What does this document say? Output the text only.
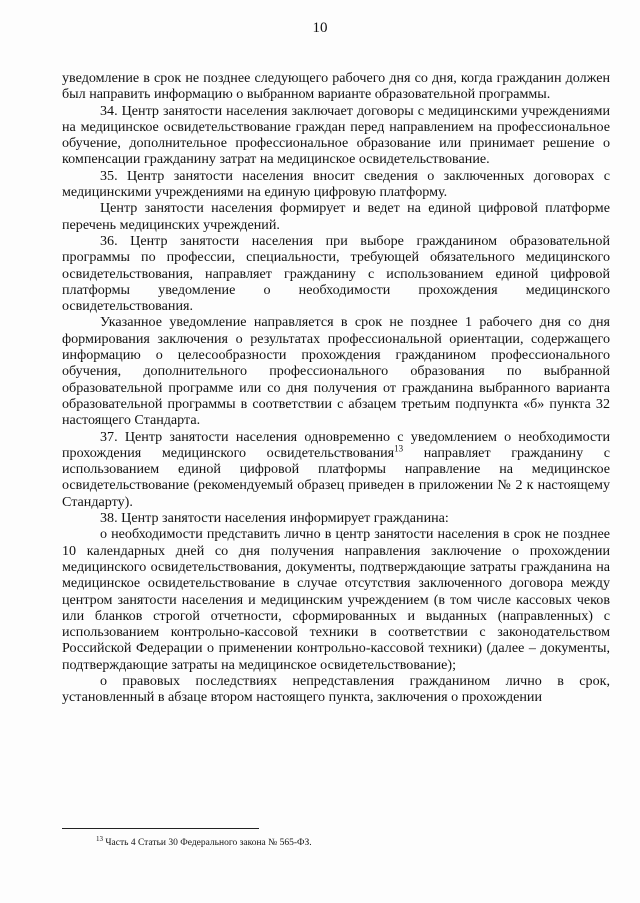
10

уведомление в срок не позднее следующего рабочего дня со дня, когда гражданин должен был направить информацию о выбранном варианте образовательной программы.

34. Центр занятости населения заключает договоры с медицинскими учреждениями на медицинское освидетельствование граждан перед направлением на профессиональное обучение, дополнительное профессиональное образование или принимает решение о компенсации гражданину затрат на медицинское освидетельствование.

35. Центр занятости населения вносит сведения о заключенных договорах с медицинскими учреждениями на единую цифровую платформу.

Центр занятости населения формирует и ведет на единой цифровой платформе перечень медицинских учреждений.

36. Центр занятости населения при выборе гражданином образовательной программы по профессии, специальности, требующей обязательного медицинского освидетельствования, направляет гражданину с использованием единой цифровой платформы уведомление о необходимости прохождения медицинского освидетельствования.

Указанное уведомление направляется в срок не позднее 1 рабочего дня со дня формирования заключения о результатах профессиональной ориентации, содержащего информацию о целесообразности прохождения гражданином профессионального обучения, дополнительного профессионального образования по выбранной образовательной программе или со дня получения от гражданина выбранного варианта образовательной программы в соответствии с абзацем третьим подпункта «б» пункта 32 настоящего Стандарта.

37. Центр занятости населения одновременно с уведомлением о необходимости прохождения медицинского освидетельствования$^{13}$ направляет гражданину с использованием единой цифровой платформы направление на медицинское освидетельствование (рекомендуемый образец приведен в приложении № 2 к настоящему Стандарту).

38. Центр занятости населения информирует гражданина:

о необходимости представить лично в центр занятости населения в срок не позднее 10 календарных дней со дня получения направления заключение о прохождении медицинского освидетельствования, документы, подтверждающие затраты гражданина на медицинское освидетельствование в случае отсутствия заключенного договора между центром занятости населения и медицинским учреждением (в том числе кассовых чеков или бланков строгой отчетности, сформированных и выданных (направленных) с использованием контрольно-кассовой техники в соответствии с законодательством Российской Федерации о применении контрольно-кассовой техники) (далее – документы, подтверждающие затраты на медицинское освидетельствование);

о правовых последствиях непредставления гражданином лично в срок, установленный в абзаце втором настоящего пункта, заключения о прохождении

$^{13}$ Часть 4 Статьи 30 Федерального закона № 565-ФЗ.
